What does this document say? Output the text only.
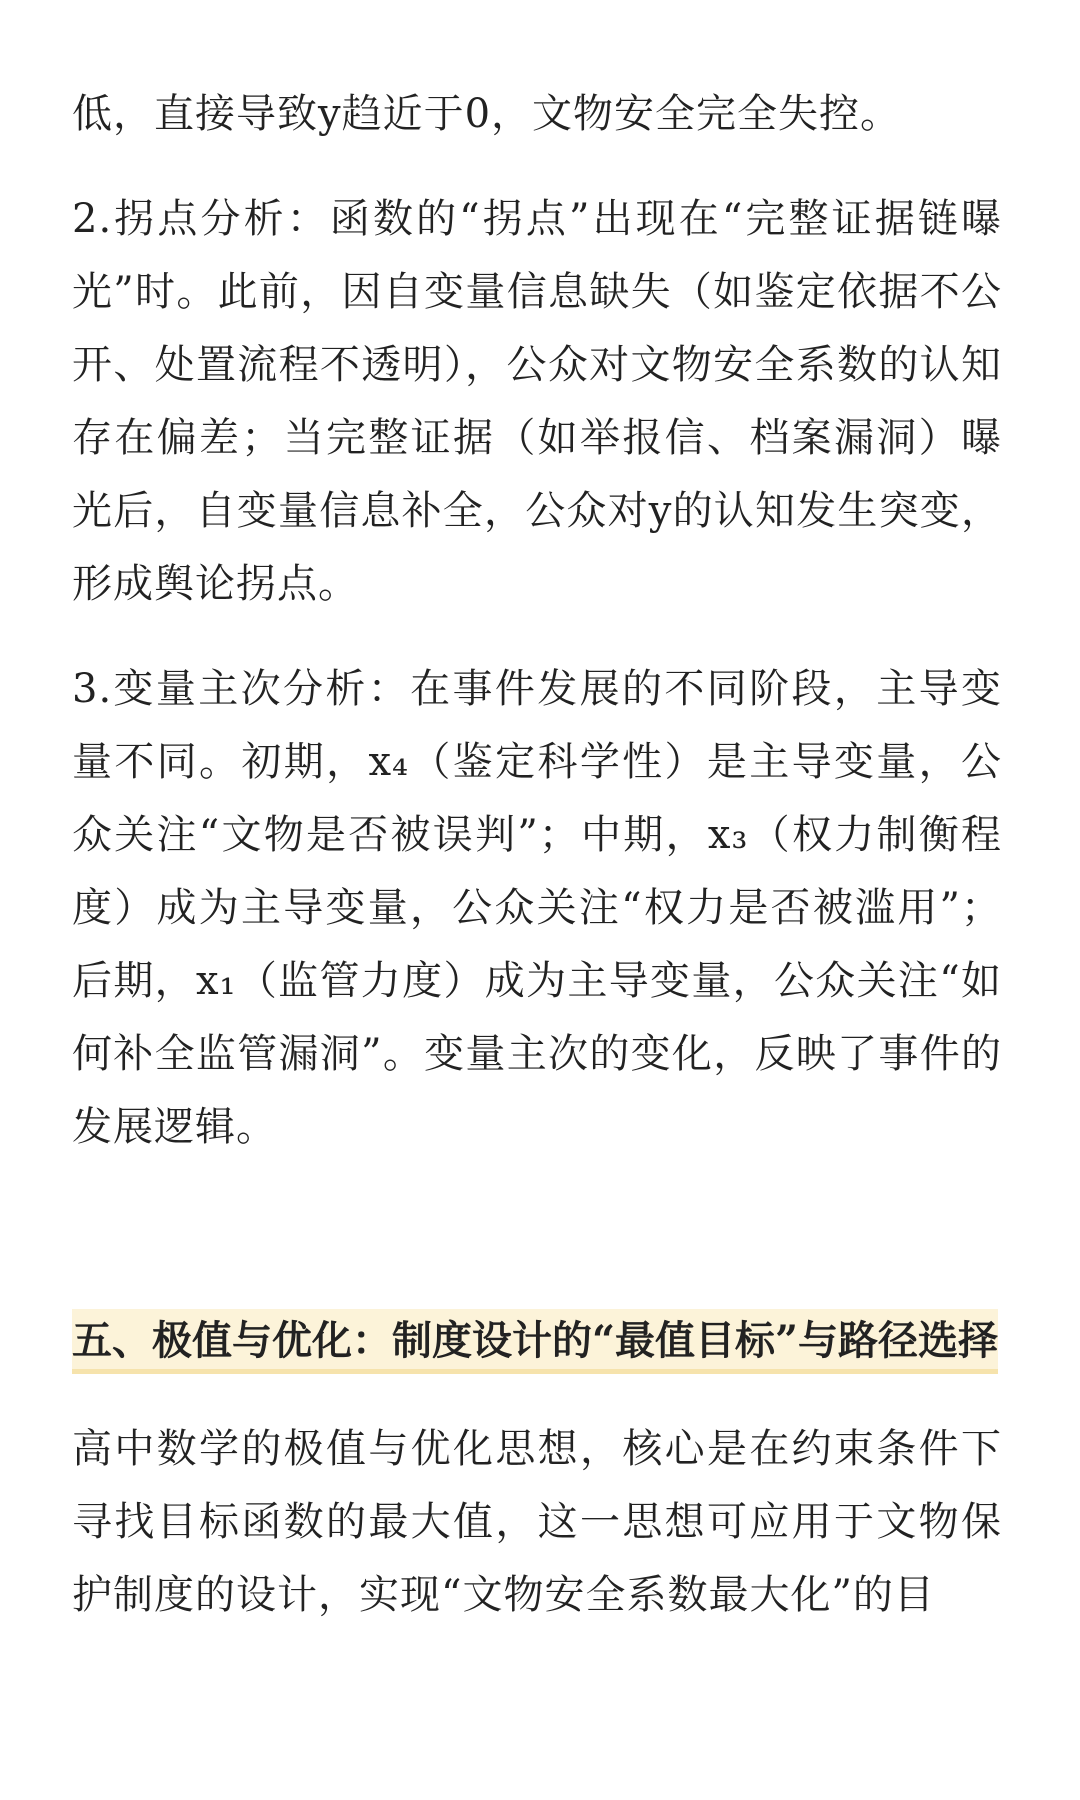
低，直接导致y趋近于0，文物安全完全失控。

2.拐点分析：函数的“拐点”出现在“完整证据链曝光”时。此前，因自变量信息缺失（如鉴定依据不公开、处置流程不透明），公众对文物安全系数的认知存在偏差；当完整证据（如举报信、档案漏洞）曝光后，自变量信息补全，公众对y的认知发生突变，形成舆论拐点。

3.变量主次分析：在事件发展的不同阶段，主导变量不同。初期，x₄（鉴定科学性）是主导变量，公众关注“文物是否被误判”；中期，x₃（权力制衡程度）成为主导变量，公众关注“权力是否被滥用”；后期，x₁（监管力度）成为主导变量，公众关注“如何补全监管漏洞”。变量主次的变化，反映了事件的发展逻辑。

五、极值与优化：制度设计的“最值目标”与路径选择

高中数学的极值与优化思想，核心是在约束条件下寻找目标函数的最大值，这一思想可应用于文物保护制度的设计，实现“文物安全系数最大化”的目
